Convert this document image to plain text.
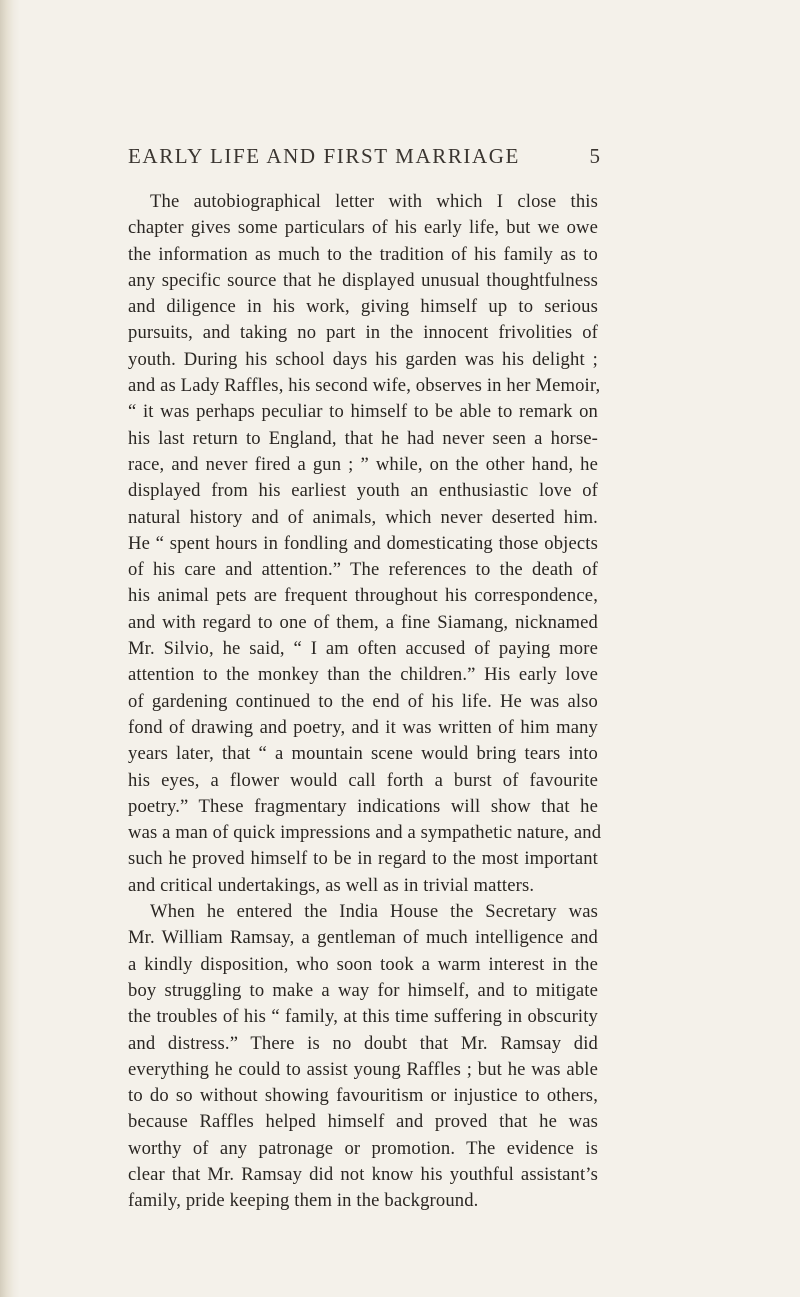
EARLY LIFE AND FIRST MARRIAGE	5
The autobiographical letter with which I close this
chapter gives some particulars of his early life, but we owe
the information as much to the tradition of his family as to
any specific source that he displayed unusual thoughtfulness
and diligence in his work, giving himself up to serious
pursuits, and taking no part in the innocent frivolities of
youth. During his school days his garden was his delight ;
and as Lady Raffles, his second wife, observes in her Memoir,
“ it was perhaps peculiar to himself to be able to remark on
his last return to England, that he had never seen a horse-
race, and never fired a gun ; ” while, on the other hand, he
displayed from his earliest youth an enthusiastic love of
natural history and of animals, which never deserted him.
He “ spent hours in fondling and domesticating those objects
of his care and attention.” The references to the death of
his animal pets are frequent throughout his correspondence,
and with regard to one of them, a fine Siamang, nicknamed
Mr. Silvio, he said, “ I am often accused of paying more
attention to the monkey than the children.” His early love
of gardening continued to the end of his life. He was also
fond of drawing and poetry, and it was written of him many
years later, that “ a mountain scene would bring tears into
his eyes, a flower would call forth a burst of favourite
poetry.” These fragmentary indications will show that he
was a man of quick impressions and a sympathetic nature, and
such he proved himself to be in regard to the most important
and critical undertakings, as well as in trivial matters.
When he entered the India House the Secretary was
Mr. William Ramsay, a gentleman of much intelligence and
a kindly disposition, who soon took a warm interest in the
boy struggling to make a way for himself, and to mitigate
the troubles of his “ family, at this time suffering in obscurity
and distress.” There is no doubt that Mr. Ramsay did
everything he could to assist young Raffles ; but he was able
to do so without showing favouritism or injustice to others,
because Raffles helped himself and proved that he was
worthy of any patronage or promotion. The evidence is
clear that Mr. Ramsay did not know his youthful assistant’s
family, pride keeping them in the background.
